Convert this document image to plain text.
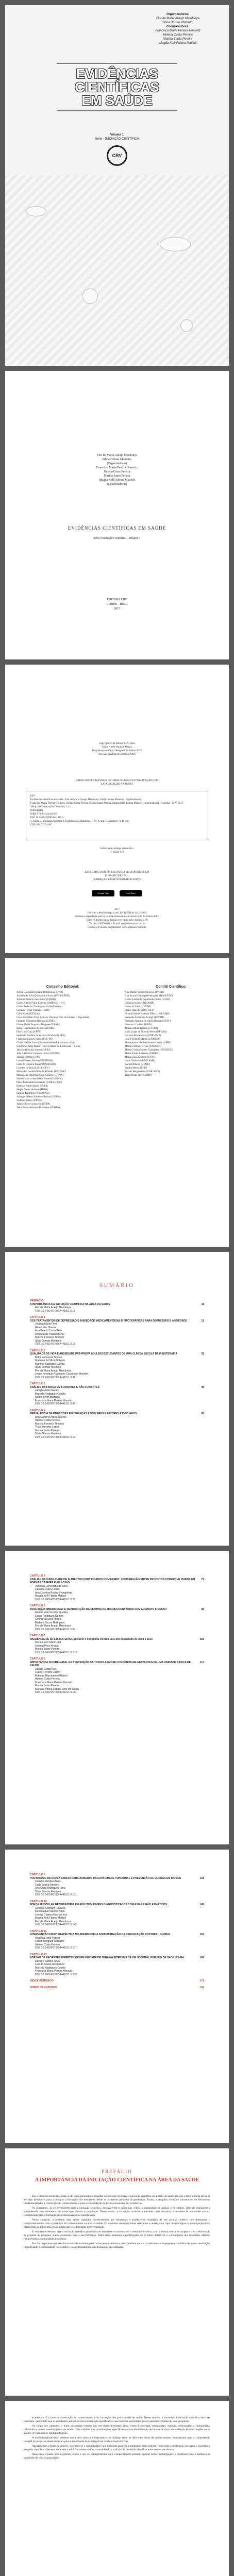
Organizadoras:
Flor de Maria Araujo Mendonça
Silvia Dornas Monteiro
Colaboradoras:
Francisca Maria Pereira Horovitz
Helena Costa Pereira
Marina Santo Pereira
Magda Kelli Fátima Mattioli
EVIDÊNCIAS
CIENTÍFICAS
EM SAÚDE
Volume 1
Série - INICIAÇÃO CIENTÍFICA
CRV
Flor de Maria Araujo Mendonça
Silvia Dornas Monteiro
(Organizadoras)
Francisca Maria Pereira Horovitz
Helena Costa Pereira
Marina Santo Pereira
Magda Kelli Fátima Mattioli
(Colaboradoras)
EVIDÊNCIAS CIENTÍFICAS EM SAÚDE
Série: Iniciação Científica – Volume 1
EDITORA CRV
Curitiba – Brasil
2017
Copyright © da Editora CRV Ltda.
Editor-chefe: Railson Moura
Diagramação e Capa: Designers da Editora CRV
Revisão: Analista de Escrita e Artes
DADOS INTERNACIONAIS DE CATALOGAÇÃO NA PUBLICAÇÃO (CIP)
CATALOGAÇÃO NA FONTE
E93
Evidências científicas em saúde / Flor de Maria Araujo Mendonça, Silvia Dornas Monteiro (organizadoras).
Francisca Maria Pereira Horovitz, Helena Costa Pereira, Marina Santo Pereira, Magda Kelli Fátima Mattioli (colaboradoras) – Curitiba : CRV, 2017.
180 p. (Série Iniciação Científica, v. 1)
Bibliografia
ISBN 978-85-444-1811-9
DOI 10.24824/978854441811.9
1. Saúde 2. Iniciação científica 3. Evidências I. Mendonça, F. M. A. org. II. Monteiro, S. D. org.
CDU 614 CDD 610
Índice para catálogo sistemático
1. Saúde 610
ESTA OBRA TAMBÉM ENCONTRA-SE DISPONÍVEL EM
FORMATO DIGITAL.
CONHEÇA E BAIXE NOSSO APLICATIVO!
Google Play	App Store
2017
Foi feito o depósito legal conf. Lei 10.994 de 14/12/2004
Proibida a reprodução parcial ou total desta obra sem autorização da Editora CRV
Todos os direitos desta edição reservados pela: Editora CRV
Tel.: (41) 3039-6418 - E-mail: sac@editoracrv.com.br
Conheça os nossos lançamentos: www.editoracrv.com.br
Conselho Editorial:
Aldira Guimarães Duarte Domínguez (UNB)
Andréia da Silva Quintanilha Sousa (UNIR/UFRN)
Antônio Pereira Gaio Júnior (UFRRJ)
Carlos Alberto Vilar Estêvão (UMINHO – PT)
Carlos Federico Dominguez Avila (Unieuro)
Carmen Tereza Velanga (UNIR)
Celso Conti (UFSCar)
Cesar Gerónimo Tello (Univer. Nacional Três de Febrero – Argentina)
Eduardo Fernandes Barbosa (UFMG)
Elione Maria Nogueira Diogenes (UFAL)
Elizeu Clementino de Souza (UNEB)
Élsio José Corá (UFFS)
Fernando Antônio Gonçalves Alcoforado (IPB)
Francisco Carlos Duarte (PUC-PR)
Gloria Fariñas León (Universidade de La Havana – Cuba)
Guillermo Arias Beatón (Universidade de La Havana – Cuba)
Jailson Alves dos Santos (UFRJ)
João Adalberto Campato Junior (UNESP)
Josania Portela (UFPI)
Leonel Severo Rocha (UNISINOS)
Lídia de Oliveira Xavier (UNIEURO)
Lourdes Helena da Silva (UFV)
Maria de Lourdes Pinto de Almeida (UNOESC)
Maria Lília Imbiriba Sousa Colares (UFOPA)
Maria Cristina dos Santos Bezerra (UFSCar)
Paulo Romualdo Hernandes (UNIFAL-MG)
Rodrigo Pratte-Santos (UFES)
Sérgio Nunes de Jesus (IFRO)
Simone Rodrigues Pinto (UNB)
Solange Helena Ximenes-Rocha (UFOPA)
Sydione Santos (UEPG)
Tadeu Oliver Gonçalves (UFPA)
Tania Suely Azevedo Brasileiro (UFOPA)
Comitê Científico:
Ana Maria Ferreira Menezes (UNEB)
Ana Rosete Camargo Rodrigues Maia (UFSC)
Carlos Leonardo Figueiredo Cunha (UFRJ)
Cristina Iwabe (UNICAMP)
Edson da Silva (UFVJM)
Eliane Dias de Castro (UFF)
Evandro Alves Barbosa Filho (UNICAMP)
Fernanda Fernandes Gurgel (UFVJM)
Fernando Antonio de Abreu Bernardo (UFF)
Francisco Cartaxo (UFRJ)
Janesca Alban Roman (UTFPR)
Kátia Lopes de Oliveira Peres (UFVJM)
Luciano Kriejkowski (UNICAMP)
Luiz Fernando Manzo (UNIFESP)
Maria Aparecida Sacramento Corrêa (UFRJ)
Maria Cristina Ferreira (UNOESC)
Maria Cristina Soares Guimarães (FIOCRUZ)
Maria Emília Ledesma (UFRRJ)
Maria Lúcia Andrade (UFRN)
Paulo Yoshioka (UNICAMP)
Rachel Ribeiro (UFMG)
Sandra Moura (UFG)
Suzana Bergamasco (UNICAMP)
Tiago Rizzo (UNICAMP)
SUMÁRIO
PREFÁCIO
A IMPORTÂNCIA DA INICIAÇÃO CIENTÍFICA NA ÁREA DA SAÚDE	11
Flor de Maria Araujo Mendonça
DOI: 10.24824/978854441811.9.11
CAPÍTULO 1
DOS TRATAMENTOS DE DEPRESSÃO E ANSIEDADE MEDICAMENTOSAS E FITOTERÁPICAS PARA DEPRESSÃO E ANSIEDADE	13
Jéssica Maria Pires
Alice Leite Oliveira
Ana Beatriz Costa Felix
Amanda de Paula Rocha
Marcos Fonseca Teodoro
Silvia Dornas Monteiro
DOI: 10.24824/978854441811.9.13
CAPÍTULO 2
QUALIDADE DE VIDA E ANSIEDADE PRÉ-PROVA ADULTAS ESTUDANTES DE UMA CLÍNICA ESCOLA DE FISIOTERAPIA	31
Érika Rebouças Soares
Matheus da Silva Pinheiro
Marlene Machado Galvão
Silvia Dornas Monteiro
Flor de Maria Araujo Mendonça
Jesus Henrique Rodrigues Cavalcanti Marinho
DOI: 10.24824/978854441811.9.31
CAPÍTULO 3
ANÁLISE DA FADIGA EM FUMANTES E NÃO FUMANTES	49
Jamylle Alves Nunes
Marcela Rodrigues Coelho
Karine Alves Barbosa
Francisca Maria Pereira Horovitz
DOI: 10.24824/978854441811.9.49
CAPÍTULO 4
PREVALÊNCIA DE INFECÇÕES EM CRIANÇAS ESCOLARES E FATORES ASSOCIADOS	63
Ana Caroline Abreu Soares
Helena Costa Pereira
Marcos Fonseca Teodoro
Thaís Mendes Lopes
Marina Santo Pereira
Silvia Dornas Monteiro
DOI: 10.24824/978854441811.9.63
CAPÍTULO 5
ANÁLISE DA VIABILIDADE DE ALIMENTOS FORTIFICADOS COM FERRO: COMPARAÇÃO ENTRE PRODUTOS COMERCIALIZADOS EM FORMAS CASEIRA E EM LOJAS
77
Vanessa Conceição da Silva
Janaina Lopes Lobão
Ana Carolina Rocha Evangelista
Magda Kelli Fátima Mattioli
DOI: 10.24824/978854441811.9.77
CAPÍTULO 6
AVALIAÇÃO DIMENSIONAL E REPRODUÇÃO DA DENTINA DE MOLDES DENTÁRIOS COM ALGINATO E GESSO	89
Natália Vasconcelos Guedes
Lucas Rodrigues Gomes
Cinthia da Silva Moura
Bárbara Souza Rodrigues
Flor de Maria Araujo Mendonça
DOI: 10.24824/978854441811.9.89
CAPÍTULO 7
INCIDÊNCIA DE SÍFILIS MATERNA, gestante e congênita em São Luís-MA no período de 2008 a 2013	103
Maria Luiza Silva Lima
Jéssica Pires Arruda
Marina Santo Pereira
DOI: 10.24824/978854441811.9.103
CAPÍTULO 8
IMPORTÂNCIA DO PRÉ-NATAL NA PREVENÇÃO DA TOXOPLASMOSE CONGÊNITA EM GESTANTES DE UMA UNIDADE BÁSICA DE SAÚDE
117
Juliana Costa Reis
Luana Ferreira Castro
Fabiana Nascimento Ribeiro
Helena Costa Pereira
Francisca Maria Pereira Horovitz
Marina Santo Pereira
Mariana Vitória Lobato Leite de Sousa
DOI: 10.24824/978854441811.9.117
CAPÍTULO 9
PROTOCOLO DE DUPLA TAREFA PARA AUMENTO DA CAPACIDADE FUNCIONAL E PREVENÇÃO DE QUEDAS EM IDOSOS	131
Josiane Mendes Alves
Carla Lopes Pinheiro
Ana Clara Rodrigues Lima
Silvia Dornas Monteiro
DOI: 10.24824/978854441811.9.131
CAPÍTULO 10
FORÇA MUSCULAR RESPIRATÓRIA EM ADULTOS JOVENS DIAGNOSTICADOS COM ASMA E NÃO ASMÁTICOS	145
Gessica Carvalho Tavares
Ilana Raquel Santos Silva
Lorena Cristina Rocha Lima
Magda Kelli Fátima Mattioli
Flor de Maria Araujo Mendonça
DOI: 10.24824/978854441811.9.145
CAPÍTULO 11
INTERVENÇÃO FISIOTERAPÊUTICA NO ADENDO PELA ADMINISTRAÇÃO DA REEDUCAÇÃO POSTURAL GLOBAL	157
Angélica Lima Pontes
Leticia Marques Carvalho
Helena Costa Pereira
DOI: 10.24824/978854441811.9.157
CAPÍTULO 12
ADESÃO DE PACIENTES HIPERTENSOS EM UNIDADE DE TERAPIA INTENSIVA DE UM HOSPITAL PÚBLICO DE SÃO LUÍS-MA	169
Dayane Cristine Silva
Luis de Sousa Gonçalves
Marcela Rodrigues Coelho
Francisca Maria Pereira Horovitz
DOI: 10.24824/978854441811.9.169
ÍNDICE REMISSIVO	179
SOBRE OS AUTORES	181
PREFÁCIO
A IMPORTÂNCIA DA INICIAÇÃO CIENTÍFICA NA ÁREA DA SAÚDE

Em o presente momento, torna-se de suma importância ressaltar o crescente incentivo à iniciação científica no âmbito da saúde, em que o fazer ciência deixa de ser algo distante e passa a integrar a formação dos estudantes desde os primeiros períodos da graduação. Assim, a pesquisa científica constitui-se em ferramenta fundamental para a construção do conhecimento e para a consolidação de práticas baseadas em evidências.

Os estudantes, ao se envolverem com a iniciação científica, desenvolvem o raciocínio crítico, a capacidade de análise e de síntese, além de ampliarem a compreensão dos problemas de saúde que afetam a população. Desse modo, a formação acadêmica torna-se mais completa e sensível às demandas sociais, contribuindo para a formação de profissionais mais qualificados.

Nesse contexto, a presente obra reúne trabalhos desenvolvidos por estudantes e professores, resultado de um esforço coletivo que demonstra o comprometimento com a produção do conhecimento na área da saúde. Os capítulos abordam temas relevantes e atuais, com rigor metodológico e preocupação ética, oferecendo ao leitor uma visão ampla das possibilidades de investigação.

É importante destacar que a iniciação científica possibilita ao estudante o contato com o método científico, com a leitura crítica de artigos e com a elaboração de projetos de pesquisa, etapas essenciais para a sua formação. Além disso, estimula a participação em eventos científicos e a divulgação dos resultados obtidos, fortalecendo a comunidade acadêmica.

Por fim, espera-se que este livro sirva de estímulo para novos pesquisadores e que contribua para o fortalecimento da pesquisa científica em nossa instituição, incentivando a continuidade dos estudos e o aprofundamento das discussões apresentadas.

acadêmica. E a base da construção do conhecimento e da formação dos profissionais de saúde. Nesse sentido, o incentivo à iniciação científica deve ser constante, garantindo que os estudantes tenham acesso a orientação qualificada e aos recursos necessários para o desenvolvimento de suas pesquisas.

Ao longo dos capítulos, o leitor encontrará estudos que envolvem diferentes áreas, como fisioterapia, odontologia, nutrição, enfermagem e biomedicina, refletindo o caráter interdisciplinar da saúde. Cada trabalho traz contribuições específicas, seja na identificação de fatores de risco, na avaliação de intervenções ou na análise de indicadores epidemiológicos.

A multidisciplinaridade presente nesta obra reforça a importância do diálogo entre as diferentes áreas do conhecimento, fundamental para a compreensão integral do processo saúde-doença e para a proposição de estratégias de cuidado mais efetivas.

Agradecemos a todos os autores, orientadores e colaboradores que tornaram possível a realização deste volume, bem como à instituição que apoia e incentiva a pesquisa científica. Que esta obra seja o início de muitas outras, consolidando a tradição de produção científica entre nossos estudantes.

Desejamos a todos uma excelente leitura e que os conhecimentos aqui compartilhados possam inspirar novas investigações e contribuir para a melhoria da qualidade de vida da população.
